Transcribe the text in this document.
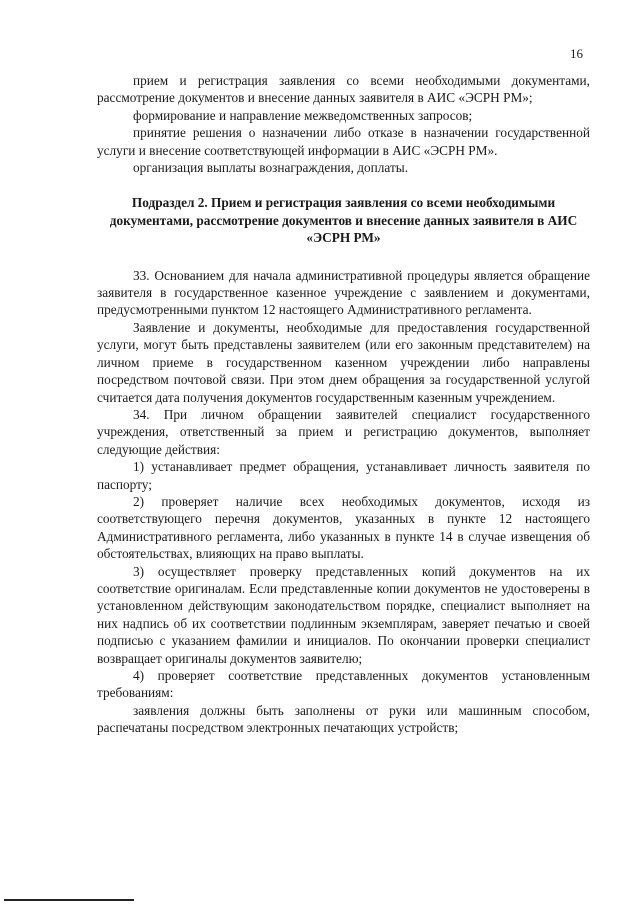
16

прием и регистрация заявления со всеми необходимыми документами, рассмотрение документов и внесение данных заявителя в АИС «ЭСРН РМ»;

формирование и направление межведомственных запросов;

принятие решения о назначении либо отказе в назначении государственной услуги и внесение соответствующей информации в АИС «ЭСРН РМ».

организация выплаты вознаграждения, доплаты.

Подраздел 2. Прием и регистрация заявления со всеми необходимыми документами, рассмотрение документов и внесение данных заявителя в АИС «ЭСРН РМ»

33. Основанием для начала административной процедуры является обращение заявителя в государственное казенное учреждение с заявлением и документами, предусмотренными пунктом 12 настоящего Административного регламента.

Заявление и документы, необходимые для предоставления государственной услуги, могут быть представлены заявителем (или его законным представителем) на личном приеме в государственном казенном учреждении либо направлены посредством почтовой связи. При этом днем обращения за государственной услугой считается дата получения документов государственным казенным учреждением.

34. При личном обращении заявителей специалист государственного учреждения, ответственный за прием и регистрацию документов, выполняет следующие действия:

1) устанавливает предмет обращения, устанавливает личность заявителя по паспорту;

2) проверяет наличие всех необходимых документов, исходя из соответствующего перечня документов, указанных в пункте 12 настоящего Административного регламента, либо указанных в пункте 14 в случае извещения об обстоятельствах, влияющих на право выплаты.

3) осуществляет проверку представленных копий документов на их соответствие оригиналам. Если представленные копии документов не удостоверены в установленном действующим законодательством порядке, специалист выполняет на них надпись об их соответствии подлинным экземплярам, заверяет печатью и своей подписью с указанием фамилии и инициалов. По окончании проверки специалист возвращает оригиналы документов заявителю;

4) проверяет соответствие представленных документов установленным требованиям:

заявления должны быть заполнены от руки или машинным способом, распечатаны посредством электронных печатающих устройств;
